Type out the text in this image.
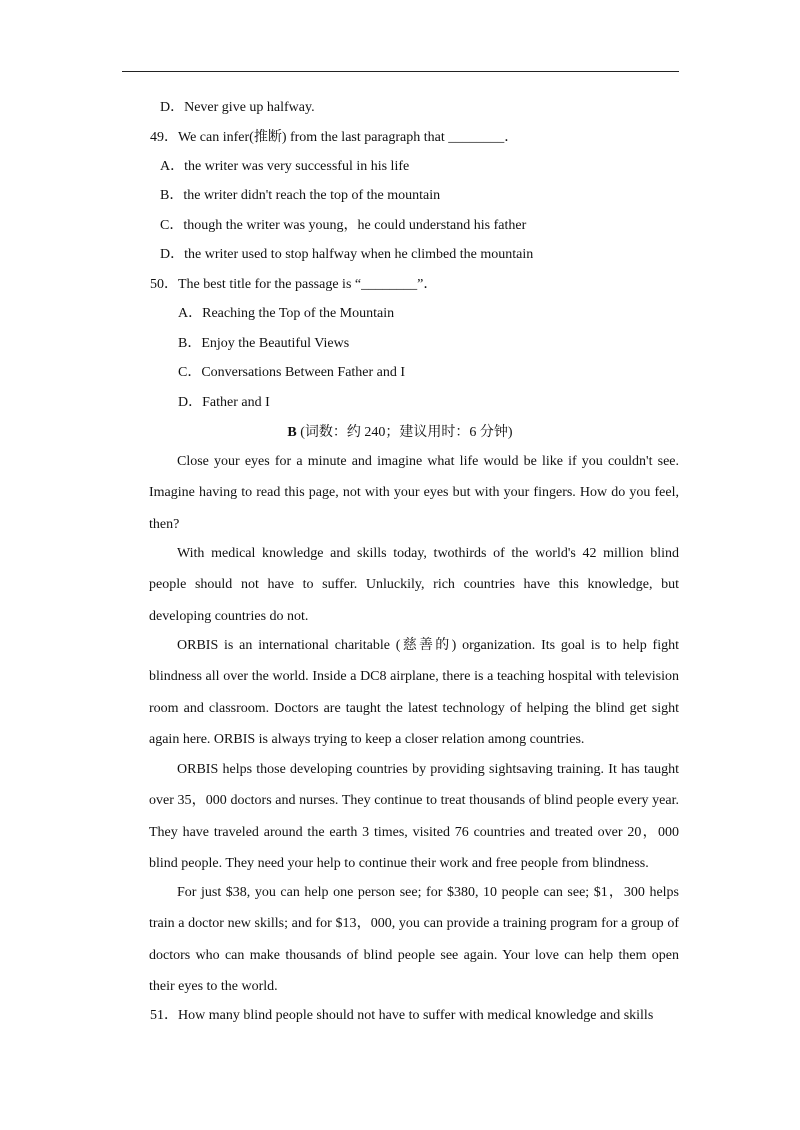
D．Never give up halfway.
49．We can infer(推断) from the last paragraph that ________．
A．the writer was very successful in his life
B．the writer didn't reach the top of the mountain
C．though the writer was young，he could understand his father
D．the writer used to stop halfway when he climbed the mountain
50．The best title for the passage is “________”．
A．Reaching the Top of the Mountain
B．Enjoy the Beautiful Views
C．Conversations Between Father and I
D．Father and I
B (词数：约 240；建议用时：6 分钟)

Close your eyes for a minute and imagine what life would be like if you couldn't see. Imagine having to read this page, not with your eyes but with your fingers. How do you feel, then?

With medical knowledge and skills today, twothirds of the world's 42 million blind people should not have to suffer. Unluckily, rich countries have this knowledge, but developing countries do not.

ORBIS is an international charitable (慈善的) organization. Its goal is to help fight blindness all over the world. Inside a DC8 airplane, there is a teaching hospital with television room and classroom. Doctors are taught the latest technology of helping the blind get sight again here. ORBIS is always trying to keep a closer relation among countries.

ORBIS helps those developing countries by providing sightsaving training. It has taught over 35，000 doctors and nurses. They continue to treat thousands of blind people every year. They have traveled around the earth 3 times, visited 76 countries and treated over 20，000 blind people. They need your help to continue their work and free people from blindness.

For just $38, you can help one person see; for $380, 10 people can see; $1，300 helps train a doctor new skills; and for $13，000, you can provide a training program for a group of doctors who can make thousands of blind people see again. Your love can help them open their eyes to the world.

51．How many blind people should not have to suffer with medical knowledge and skills
